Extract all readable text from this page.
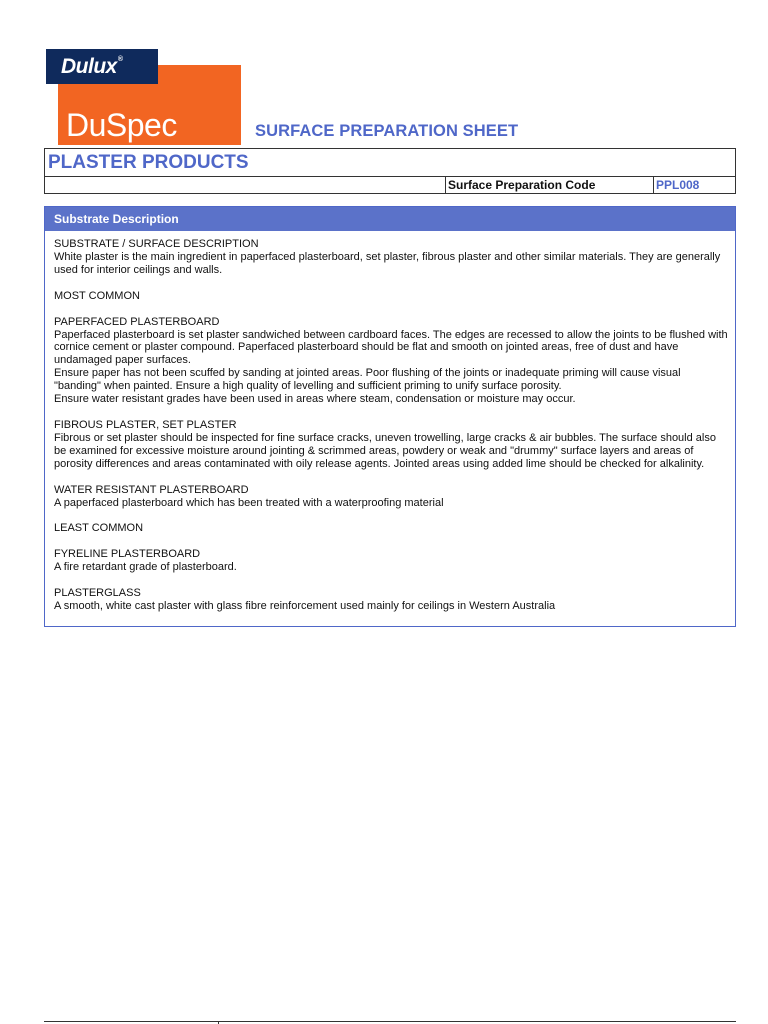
DuSpec
Dulux®
SURFACE PREPARATION SHEET
PLASTER PRODUCTS
Surface Preparation Code	PPL008
Substrate Description

SUBSTRATE / SURFACE DESCRIPTION
White plaster is the main ingredient in paperfaced plasterboard, set plaster, fibrous plaster and other similar materials. They are generally used for interior ceilings and walls.

MOST COMMON

PAPERFACED PLASTERBOARD
Paperfaced plasterboard is set plaster sandwiched between cardboard faces. The edges are recessed to allow the joints to be flushed with cornice cement or plaster compound. Paperfaced plasterboard should be flat and smooth on jointed areas, free of dust and have undamaged paper surfaces.
Ensure paper has not been scuffed by sanding at jointed areas. Poor flushing of the joints or inadequate priming will cause visual "banding" when painted. Ensure a high quality of levelling and sufficient priming to unify surface porosity.
Ensure water resistant grades have been used in areas where steam, condensation or moisture may occur.

FIBROUS PLASTER, SET PLASTER
Fibrous or set plaster should be inspected for fine surface cracks, uneven trowelling, large cracks & air bubbles. The surface should also be examined for excessive moisture around jointing & scrimmed areas, powdery or weak and "drummy" surface layers and areas of porosity differences and areas contaminated with oily release agents. Jointed areas using added lime should be checked for alkalinity.

WATER RESISTANT PLASTERBOARD
A paperfaced plasterboard which has been treated with a waterproofing material

LEAST COMMON

FYRELINE PLASTERBOARD
A fire retardant grade of plasterboard.

PLASTERGLASS
A smooth, white cast plaster with glass fibre reinforcement used mainly for ceilings in Western Australia
